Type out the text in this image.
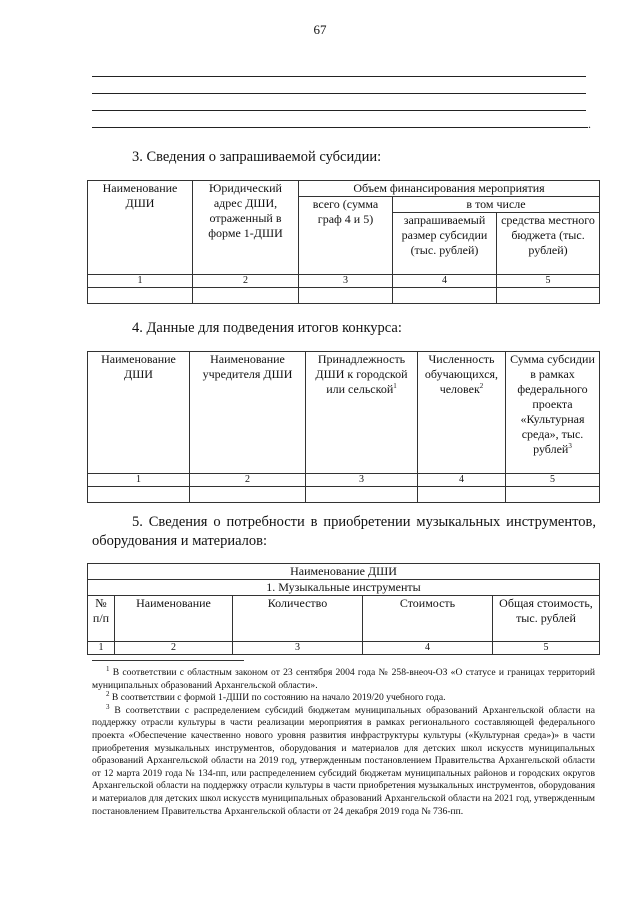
67
.
3. Сведения о запрашиваемой субсидии:
Наименование ДШИ	Юридический адрес ДШИ, отраженный в форме 1-ДШИ	Объем финансирования мероприятия		
		всего (сумма граф 4 и 5)	в том числе	
			запрашиваемый размер субсидии (тыс. рублей)	средства местного бюджета (тыс. рублей)
1	2	3	4	5

4. Данные для подведения итогов конкурса:
Наименование ДШИ	Наименование учредителя ДШИ	Принадлежность ДШИ к городской или сельской$^1$	Численность обучающихся, человек$^2$	Сумма субсидии в рамках федерального проекта «Культурная среда», тыс. рублей$^3$
1	2	3	4	5

5. Сведения о потребности в приобретении музыкальных инструментов,
оборудования и материалов:
Наименование ДШИ				
1. Музыкальные инструменты				
№ п/п	Наименование	Количество	Стоимость	Общая стоимость, тыс. рублей
1	2	3	4	5

$^1$ В соответствии с областным законом от 23 сентября 2004 года № 258-внеоч-ОЗ «О статусе и границах территорий муниципальных образований Архангельской области».

$^2$ В соответствии с формой 1-ДШИ по состоянию на начало 2019/20 учебного года.

$^3$ В соответствии с распределением субсидий бюджетам муниципальных образований Архангельской области на поддержку отрасли культуры в части реализации мероприятия в рамках регионального составляющей федерального проекта «Обеспечение качественно нового уровня развития инфраструктуры культуры («Культурная среда»)» в части приобретения музыкальных инструментов, оборудования и материалов для детских школ искусств муниципальных образований Архангельской области на 2019 год, утвержденным постановлением Правительства Архангельской области от 12 марта 2019 года № 134-пп, или распределением субсидий бюджетам муниципальных районов и городских округов Архангельской области на поддержку отрасли культуры в части приобретения музыкальных инструментов, оборудования и материалов для детских школ искусств муниципальных образований Архангельской области на 2021 год, утвержденным постановлением Правительства Архангельской области от 24 декабря 2019 года № 736-пп.
